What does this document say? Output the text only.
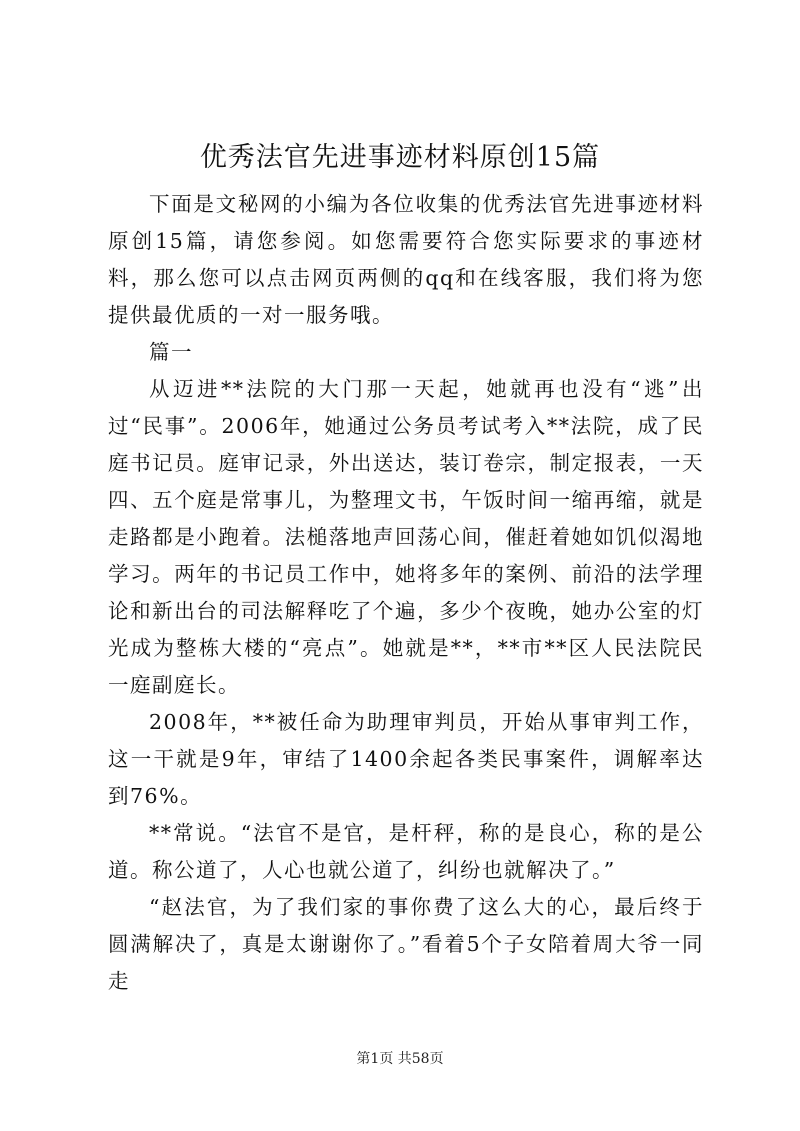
优秀法官先进事迹材料原创15篇

下面是文秘网的小编为各位收集的优秀法官先进事迹材料原创15篇，请您参阅。如您需要符合您实际要求的事迹材料，那么您可以点击网页两侧的qq和在线客服，我们将为您提供最优质的一对一服务哦。

篇一

从迈进**法院的大门那一天起，她就再也没有“逃”出过“民事”。2006年，她通过公务员考试考入**法院，成了民庭书记员。庭审记录，外出送达，装订卷宗，制定报表，一天四、五个庭是常事儿，为整理文书，午饭时间一缩再缩，就是走路都是小跑着。法槌落地声回荡心间，催赶着她如饥似渴地学习。两年的书记员工作中，她将多年的案例、前沿的法学理论和新出台的司法解释吃了个遍，多少个夜晚，她办公室的灯光成为整栋大楼的“亮点”。她就是**，**市**区人民法院民一庭副庭长。

2008年，**被任命为助理审判员，开始从事审判工作，这一干就是9年，审结了1400余起各类民事案件，调解率达到76%。

**常说。“法官不是官，是杆秤，称的是良心，称的是公道。称公道了，人心也就公道了，纠纷也就解决了。”

“赵法官，为了我们家的事你费了这么大的心，最后终于圆满解决了，真是太谢谢你了。”看着5个子女陪着周大爷一同走

第1页 共58页
